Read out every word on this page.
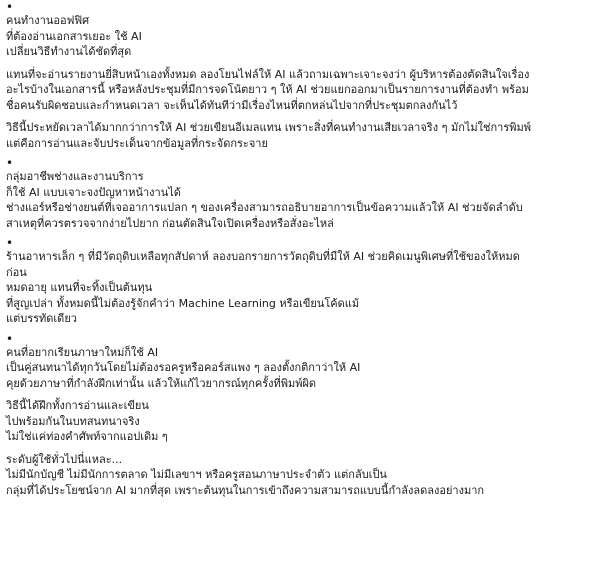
•
คนทำงานออฟฟิศ
ที่ต้องอ่านเอกสารเยอะ ใช้ AI
เปลี่ยนวิธีทำงานได้ชัดที่สุด
แทนที่จะอ่านรายงานยี่สิบหน้าเองทั้งหมด ลองโยนไฟล์ให้ AI แล้วถามเฉพาะเจาะจงว่า ผู้บริหารต้องตัดสินใจเรื่อง
อะไรบ้างในเอกสารนี้ หรือหลังประชุมที่มีการจดโน้ตยาว ๆ ให้ AI ช่วยแยกออกมาเป็นรายการงานที่ต้องทำ พร้อม
ชื่อคนรับผิดชอบและกำหนดเวลา จะเห็นได้ทันทีว่ามีเรื่องไหนที่ตกหล่นไปจากที่ประชุมตกลงกันไว้
วิธีนี้ประหยัดเวลาได้มากกว่าการให้ AI ช่วยเขียนอีเมลแทน เพราะสิ่งที่คนทำงานเสียเวลาจริง ๆ มักไม่ใช่การพิมพ์
แต่คือการอ่านและจับประเด็นจากข้อมูลที่กระจัดกระจาย
•
กลุ่มอาชีพช่างและงานบริการ
ก็ใช้ AI แบบเจาะจงปัญหาหน้างานได้
ช่างแอร์หรือช่างยนต์ที่เจออาการแปลก ๆ ของเครื่องสามารถอธิบายอาการเป็นข้อความแล้วให้ AI ช่วยจัดลำดับ
สาเหตุที่ควรตรวจจากง่ายไปยาก ก่อนตัดสินใจเปิดเครื่องหรือสั่งอะไหล่
•
ร้านอาหารเล็ก ๆ ที่มีวัตถุดิบเหลือทุกสัปดาห์ ลองบอกรายการวัตถุดิบที่มีให้ AI ช่วยคิดเมนูพิเศษที่ใช้ของให้หมด
ก่อน
หมดอายุ แทนที่จะทิ้งเป็นต้นทุน
ที่สูญเปล่า ทั้งหมดนี้ไม่ต้องรู้จักคำว่า Machine Learning หรือเขียนโค้ดแม้
แต่บรรทัดเดียว
•
คนที่อยากเรียนภาษาใหม่ก็ใช้ AI
เป็นคู่สนทนาได้ทุกวันโดยไม่ต้องรอครูหรือคอร์สแพง ๆ ลองตั้งกติกาว่าให้ AI
คุยด้วยภาษาที่กำลังฝึกเท่านั้น แล้วให้แก้ไวยากรณ์ทุกครั้งที่พิมพ์ผิด
วิธีนี้ได้ฝึกทั้งการอ่านและเขียน
ไปพร้อมกันในบทสนทนาจริง
ไม่ใช่แค่ท่องคำศัพท์จากแอปเดิม ๆ
ระดับผู้ใช้ทั่วไปนี่แหละ...
ไม่มีนักบัญชี ไม่มีนักการตลาด ไม่มีเลขาฯ หรือครูสอนภาษาประจำตัว แต่กลับเป็น
กลุ่มที่ได้ประโยชน์จาก AI มากที่สุด เพราะต้นทุนในการเข้าถึงความสามารถแบบนี้กำลังลดลงอย่างมาก
